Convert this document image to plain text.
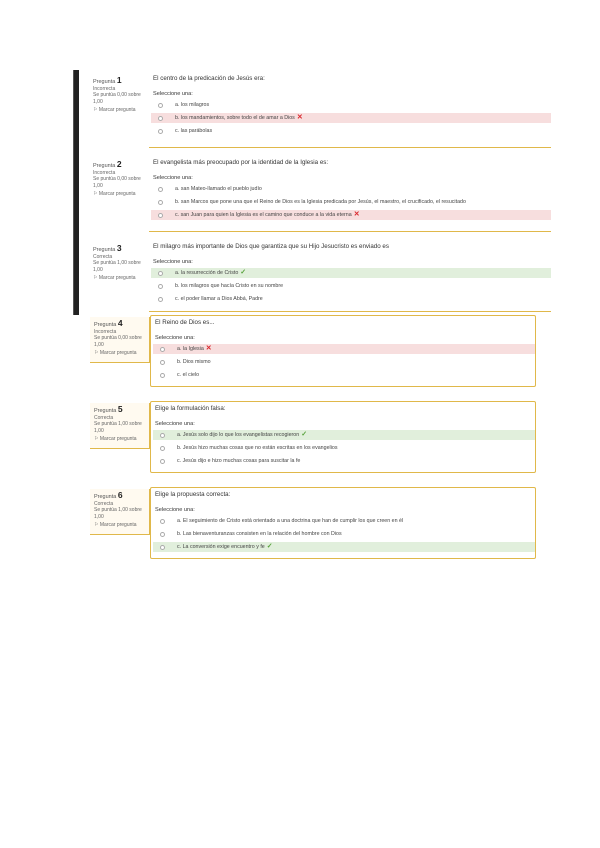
Pregunta 1
Incorrecta
Se puntúa 0,00 sobre 1,00
⚐ Marcar pregunta
El centro de la predicación de Jesús era:
Seleccione una:
a. los milagros
b. los mandamientos, sobre todo el de amar a Dios ✕
c. las parábolas
Pregunta 2
Incorrecta
Se puntúa 0,00 sobre 1,00
⚐ Marcar pregunta
El evangelista más preocupado por la identidad de la Iglesia es:
Seleccione una:
a. san Mateo-llamado el pueblo judío
b. san Marcos que pone una que el Reino de Dios es la Iglesia predicada por Jesús, el maestro, el crucificado, el resucitado
c. san Juan para quien la Iglesia es el camino que conduce a la vida eterna ✕
Pregunta 3
Correcta
Se puntúa 1,00 sobre 1,00
⚐ Marcar pregunta
El milagro más importante de Dios que garantiza que su Hijo Jesucristo es enviado es
Seleccione una:
a. la resurrección de Cristo ✓
b. los milagros que hacía Cristo en su nombre
c. el poder llamar a Dios Abbá, Padre
Pregunta 4
Incorrecta
Se puntúa 0,00 sobre 1,00
⚐ Marcar pregunta
El Reino de Dios es...
Seleccione una:
a. la Iglesia ✕
b. Dios mismo
c. el cielo
Pregunta 5
Correcta
Se puntúa 1,00 sobre 1,00
⚐ Marcar pregunta
Elige la formulación falsa:
Seleccione una:
a. Jesús solo dijo lo que los evangelistas recogieron ✓
b. Jesús hizo muchas cosas que no están escritas en los evangelios
c. Jesús dijo e hizo muchas cosas para suscitar la fe
Pregunta 6
Correcta
Se puntúa 1,00 sobre 1,00
⚐ Marcar pregunta
Elige la propuesta correcta:
Seleccione una:
a. El seguimiento de Cristo está orientado a una doctrina que han de cumplir los que creen en él
b. Las bienaventuranzas consisten en la relación del hombre con Dios
c. La conversión exige encuentro y fe ✓
